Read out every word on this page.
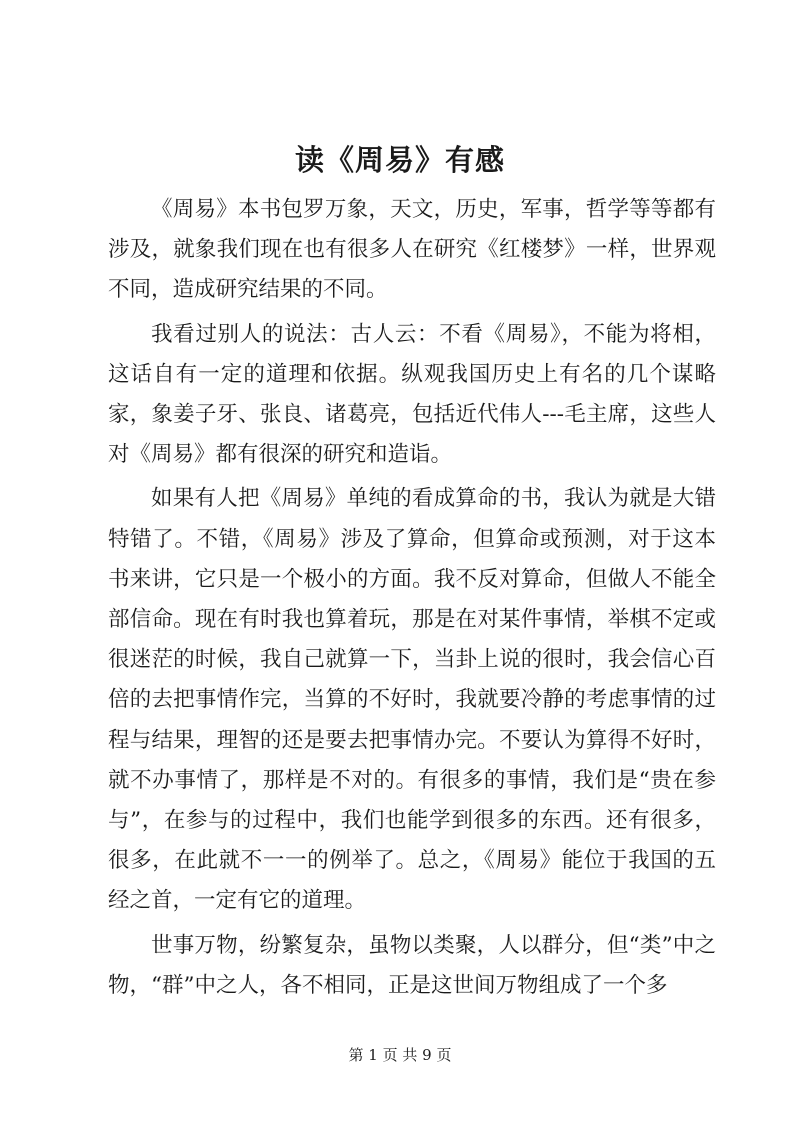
读《周易》有感

《周易》本书包罗万象，天文，历史，军事，哲学等等都有涉及，就象我们现在也有很多人在研究《红楼梦》一样，世界观不同，造成研究结果的不同。

我看过别人的说法：古人云：不看《周易》，不能为将相，这话自有一定的道理和依据。纵观我国历史上有名的几个谋略家，象姜子牙、张良、诸葛亮，包括近代伟人---毛主席，这些人对《周易》都有很深的研究和造诣。

如果有人把《周易》单纯的看成算命的书，我认为就是大错特错了。不错，《周易》涉及了算命，但算命或预测，对于这本书来讲，它只是一个极小的方面。我不反对算命，但做人不能全部信命。现在有时我也算着玩，那是在对某件事情，举棋不定或很迷茫的时候，我自己就算一下，当卦上说的很时，我会信心百倍的去把事情作完，当算的不好时，我就要冷静的考虑事情的过程与结果，理智的还是要去把事情办完。不要认为算得不好时，就不办事情了，那样是不对的。有很多的事情，我们是“贵在参与”，在参与的过程中，我们也能学到很多的东西。还有很多，很多，在此就不一一的例举了。总之，《周易》能位于我国的五经之首，一定有它的道理。

世事万物，纷繁复杂，虽物以类聚，人以群分，但“类”中之物，“群”中之人，各不相同，正是这世间万物组成了一个多

第 1 页 共 9 页
